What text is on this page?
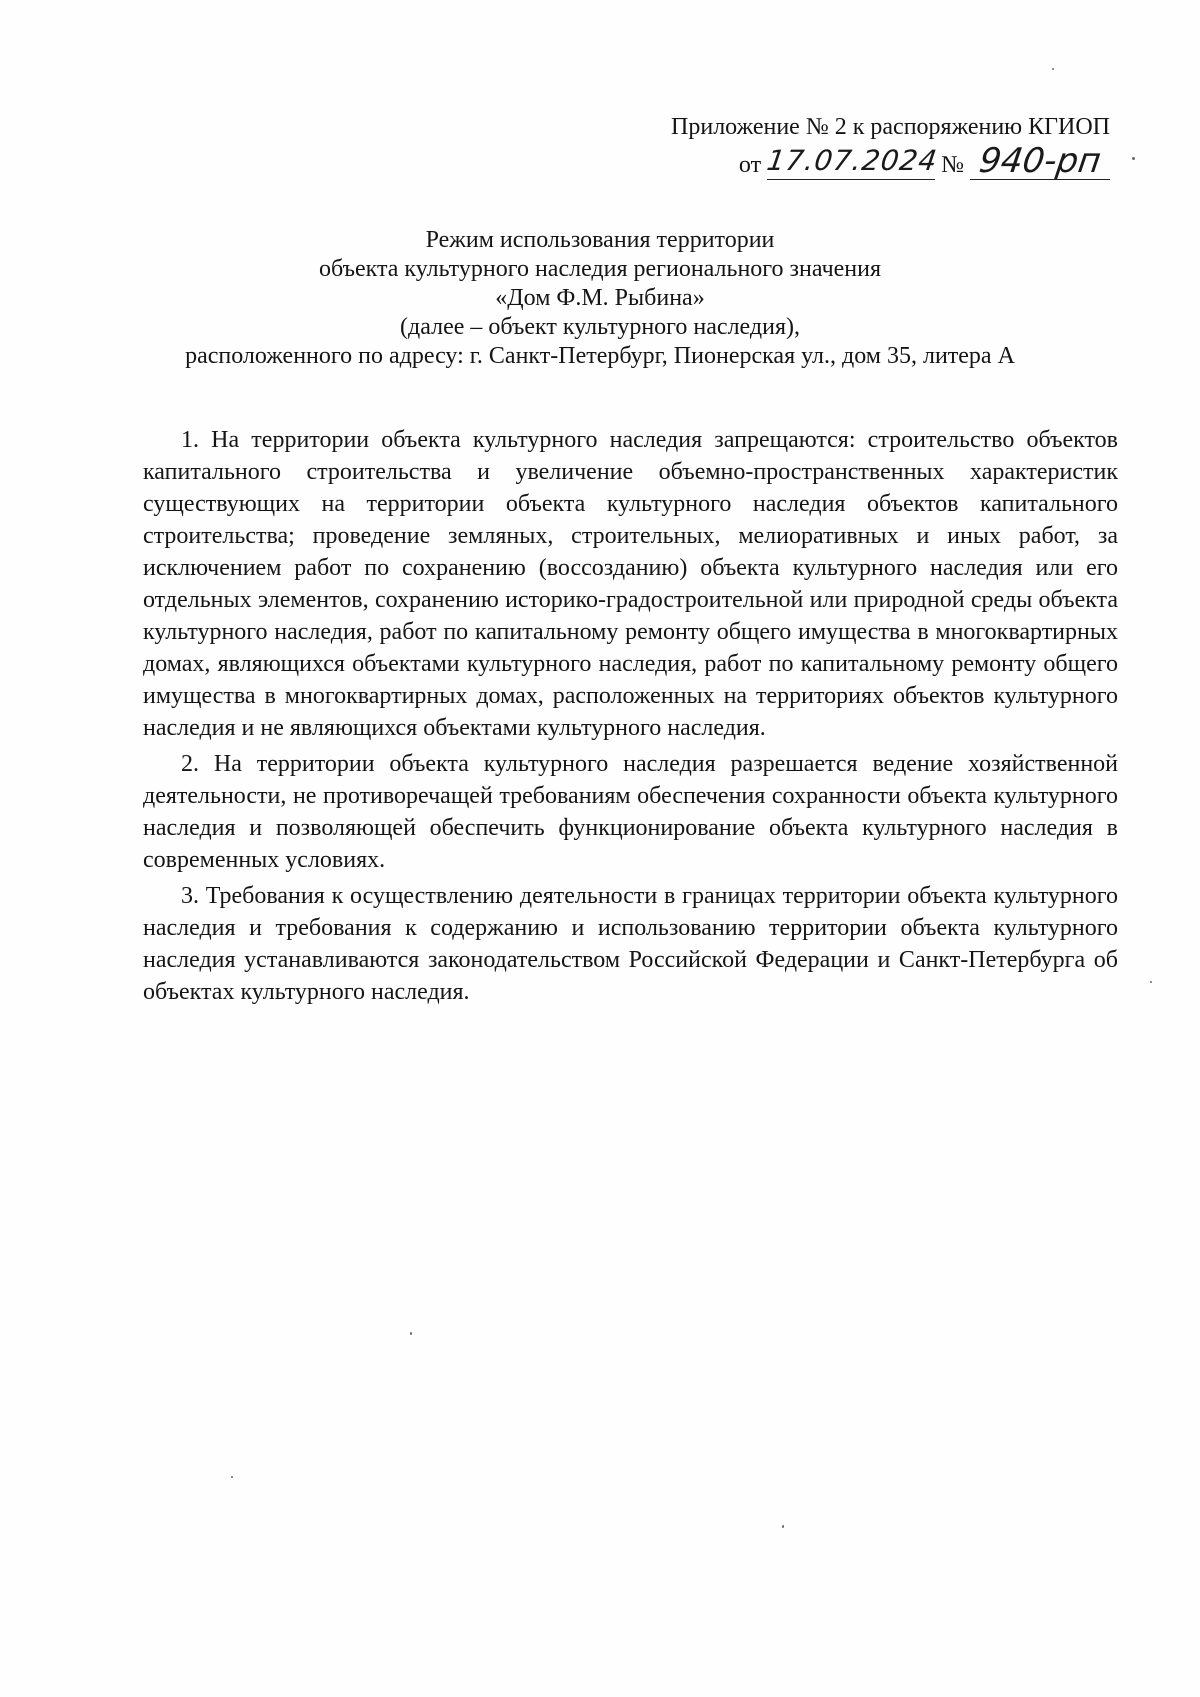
Приложение № 2 к распоряжению КГИОП
от 17.07.2024 № 940-рп
Режим использования территории
объекта культурного наследия регионального значения
«Дом Ф.М. Рыбина»
(далее – объект культурного наследия),
расположенного по адресу: г. Санкт-Петербург, Пионерская ул., дом 35, литера А

1. На территории объекта культурного наследия запрещаются: строительство объектов капитального строительства и увеличение объемно-пространственных характеристик существующих на территории объекта культурного наследия объектов капитального строительства; проведение земляных, строительных, мелиоративных и иных работ, за исключением работ по сохранению (воссозданию) объекта культурного наследия или его отдельных элементов, сохранению историко-градостроительной или природной среды объекта культурного наследия, работ по капитальному ремонту общего имущества в многоквартирных домах, являющихся объектами культурного наследия, работ по капитальному ремонту общего имущества в многоквартирных домах, расположенных на территориях объектов культурного наследия и не являющихся объектами культурного наследия.

2. На территории объекта культурного наследия разрешается ведение хозяйственной деятельности, не противоречащей требованиям обеспечения сохранности объекта культурного наследия и позволяющей обеспечить функционирование объекта культурного наследия в современных условиях.

3. Требования к осуществлению деятельности в границах территории объекта культурного наследия и требования к содержанию и использованию территории объекта культурного наследия устанавливаются законодательством Российской Федерации и Санкт-Петербурга об объектах культурного наследия.
